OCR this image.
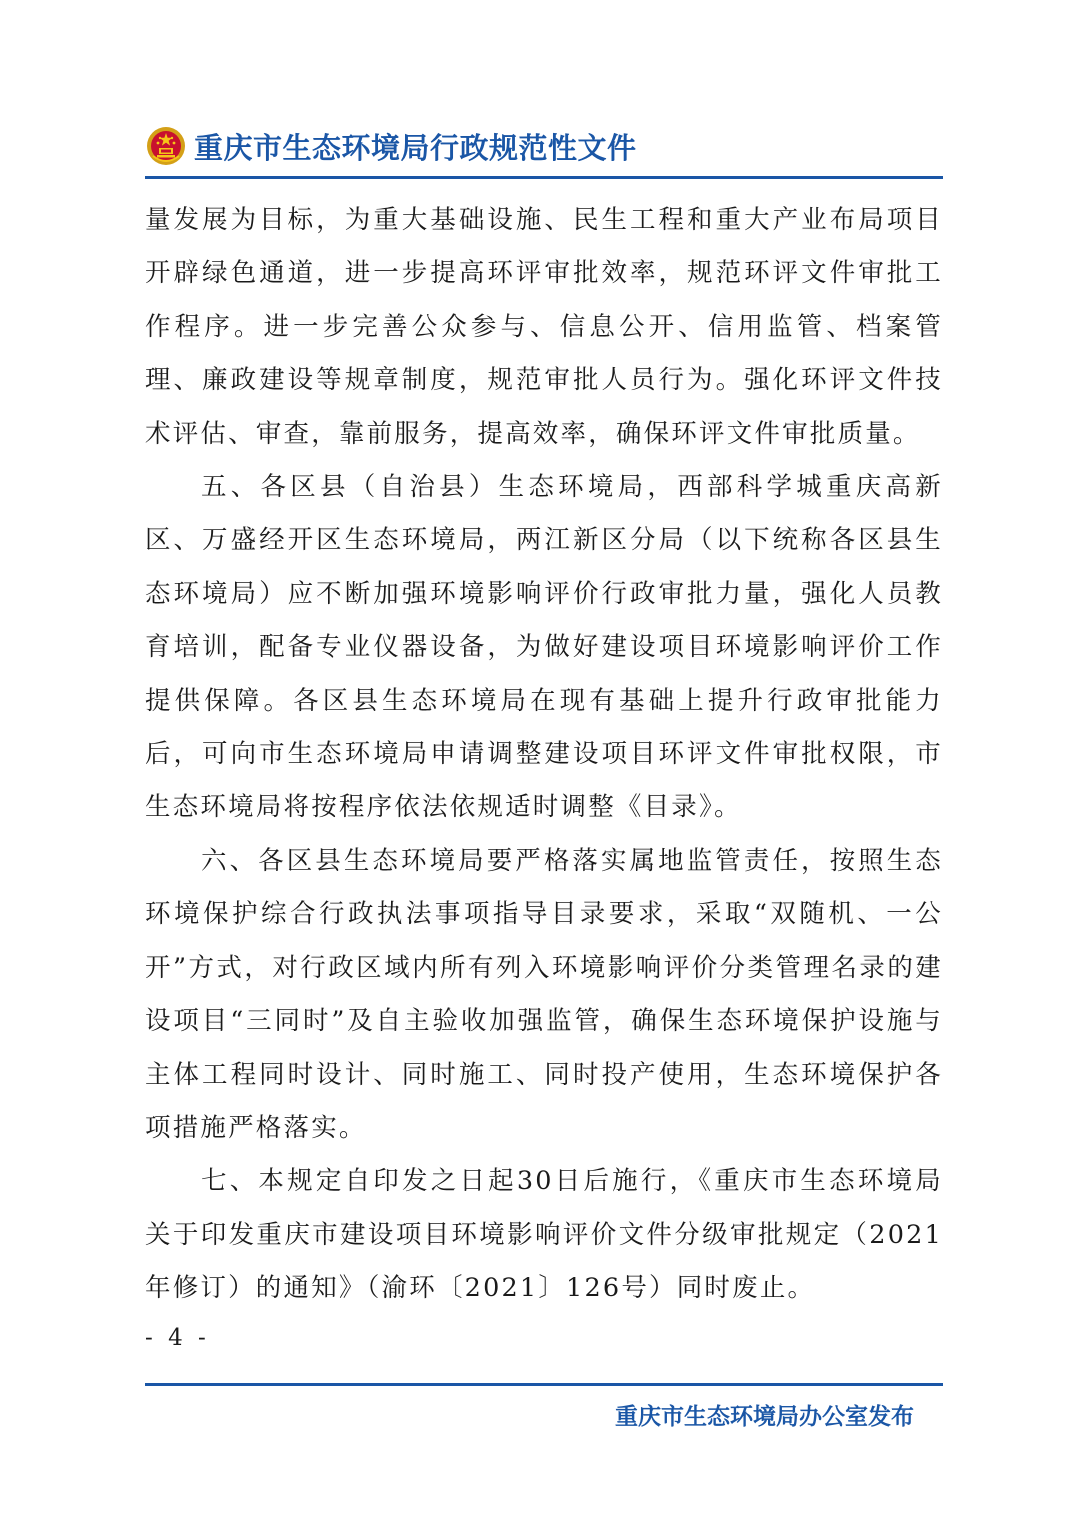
重庆市生态环境局行政规范性文件

量发展为目标，为重大基础设施、民生工程和重大产业布局项目开辟绿色通道，进一步提高环评审批效率，规范环评文件审批工作程序。进一步完善公众参与、信息公开、信用监管、档案管理、廉政建设等规章制度，规范审批人员行为。强化环评文件技术评估、审查，靠前服务，提高效率，确保环评文件审批质量。

五、各区县（自治县）生态环境局，西部科学城重庆高新区、万盛经开区生态环境局，两江新区分局（以下统称各区县生态环境局）应不断加强环境影响评价行政审批力量，强化人员教育培训，配备专业仪器设备，为做好建设项目环境影响评价工作提供保障。各区县生态环境局在现有基础上提升行政审批能力后，可向市生态环境局申请调整建设项目环评文件审批权限，市生态环境局将按程序依法依规适时调整《目录》。

六、各区县生态环境局要严格落实属地监管责任，按照生态环境保护综合行政执法事项指导目录要求，采取“双随机、一公开”方式，对行政区域内所有列入环境影响评价分类管理名录的建设项目“三同时”及自主验收加强监管，确保生态环境保护设施与主体工程同时设计、同时施工、同时投产使用，生态环境保护各项措施严格落实。

七、本规定自印发之日起30日后施行，《重庆市生态环境局关于印发重庆市建设项目环境影响评价文件分级审批规定（2021年修订）的通知》（渝环〔2021〕126号）同时废止。

- 4 -
重庆市生态环境局办公室发布
